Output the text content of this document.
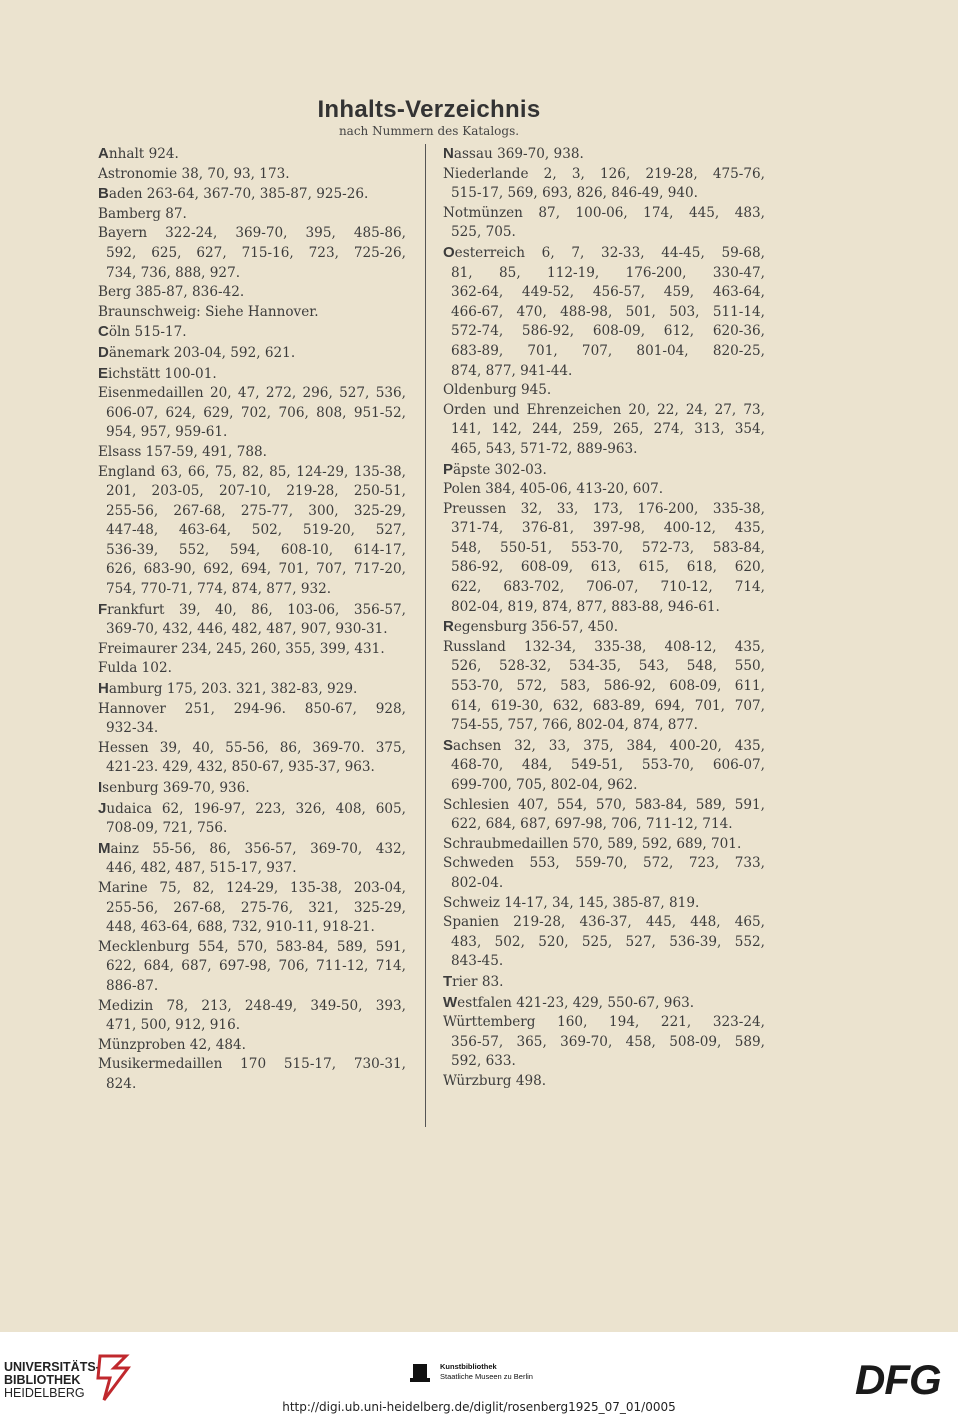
Inhalts-Verzeichnis
nach Nummern des Katalogs.
Anhalt 924.
Astronomie 38, 70, 93, 173.
Baden 263-64, 367-70, 385-87, 925-26.
Bamberg 87.
Bayern 322-24, 369-70, 395, 485-86,
592, 625, 627, 715-16, 723, 725-26,
734, 736, 888, 927.
Berg 385-87, 836-42.
Braunschweig: Siehe Hannover.
Cöln 515-17.
Dänemark 203-04, 592, 621.
Eichstätt 100-01.
Eisenmedaillen 20, 47, 272, 296, 527, 536,
606-07, 624, 629, 702, 706, 808, 951-52,
954, 957, 959-61.
Elsass 157-59, 491, 788.
England 63, 66, 75, 82, 85, 124-29, 135-38,
201, 203-05, 207-10, 219-28, 250-51,
255-56, 267-68, 275-77, 300, 325-29,
447-48, 463-64, 502, 519-20, 527,
536-39, 552, 594, 608-10, 614-17,
626, 683-90, 692, 694, 701, 707, 717-20,
754, 770-71, 774, 874, 877, 932.
Frankfurt 39, 40, 86, 103-06, 356-57,
369-70, 432, 446, 482, 487, 907, 930-31.
Freimaurer 234, 245, 260, 355, 399, 431.
Fulda 102.
Hamburg 175, 203. 321, 382-83, 929.
Hannover 251, 294-96. 850-67, 928,
932-34.
Hessen 39, 40, 55-56, 86, 369-70. 375,
421-23. 429, 432, 850-67, 935-37, 963.
Isenburg 369-70, 936.
Judaica 62, 196-97, 223, 326, 408, 605,
708-09, 721, 756.
Mainz 55-56, 86, 356-57, 369-70, 432,
446, 482, 487, 515-17, 937.
Marine 75, 82, 124-29, 135-38, 203-04,
255-56, 267-68, 275-76, 321, 325-29,
448, 463-64, 688, 732, 910-11, 918-21.
Mecklenburg 554, 570, 583-84, 589, 591,
622, 684, 687, 697-98, 706, 711-12, 714,
886-87.
Medizin 78, 213, 248-49, 349-50, 393,
471, 500, 912, 916.
Münzproben 42, 484.
Musikermedaillen 170 515-17, 730-31,
824.
Nassau 369-70, 938.
Niederlande 2, 3, 126, 219-28, 475-76,
515-17, 569, 693, 826, 846-49, 940.
Notmünzen 87, 100-06, 174, 445, 483,
525, 705.
Oesterreich 6, 7, 32-33, 44-45, 59-68,
81, 85, 112-19, 176-200, 330-47,
362-64, 449-52, 456-57, 459, 463-64,
466-67, 470, 488-98, 501, 503, 511-14,
572-74, 586-92, 608-09, 612, 620-36,
683-89, 701, 707, 801-04, 820-25,
874, 877, 941-44.
Oldenburg 945.
Orden und Ehrenzeichen 20, 22, 24, 27, 73,
141, 142, 244, 259, 265, 274, 313, 354,
465, 543, 571-72, 889-963.
Päpste 302-03.
Polen 384, 405-06, 413-20, 607.
Preussen 32, 33, 173, 176-200, 335-38,
371-74, 376-81, 397-98, 400-12, 435,
548, 550-51, 553-70, 572-73, 583-84,
586-92, 608-09, 613, 615, 618, 620,
622, 683-702, 706-07, 710-12, 714,
802-04, 819, 874, 877, 883-88, 946-61.
Regensburg 356-57, 450.
Russland 132-34, 335-38, 408-12, 435,
526, 528-32, 534-35, 543, 548, 550,
553-70, 572, 583, 586-92, 608-09, 611,
614, 619-30, 632, 683-89, 694, 701, 707,
754-55, 757, 766, 802-04, 874, 877.
Sachsen 32, 33, 375, 384, 400-20, 435,
468-70, 484, 549-51, 553-70, 606-07,
699-700, 705, 802-04, 962.
Schlesien 407, 554, 570, 583-84, 589, 591,
622, 684, 687, 697-98, 706, 711-12, 714.
Schraubmedaillen 570, 589, 592, 689, 701.
Schweden 553, 559-70, 572, 723, 733,
802-04.
Schweiz 14-17, 34, 145, 385-87, 819.
Spanien 219-28, 436-37, 445, 448, 465,
483, 502, 520, 525, 527, 536-39, 552,
843-45.
Trier 83.
Westfalen 421-23, 429, 550-67, 963.
Württemberg 160, 194, 221, 323-24,
356-57, 365, 369-70, 458, 508-09, 589,
592, 633.
Würzburg 498.
UNIVERSITÄTS-
BIBLIOTHEK
HEIDELBERG
Kunstbibliothek
Staatliche Museen zu Berlin	DFG
http://digi.ub.uni-heidelberg.de/diglit/rosenberg1925_07_01/0005
